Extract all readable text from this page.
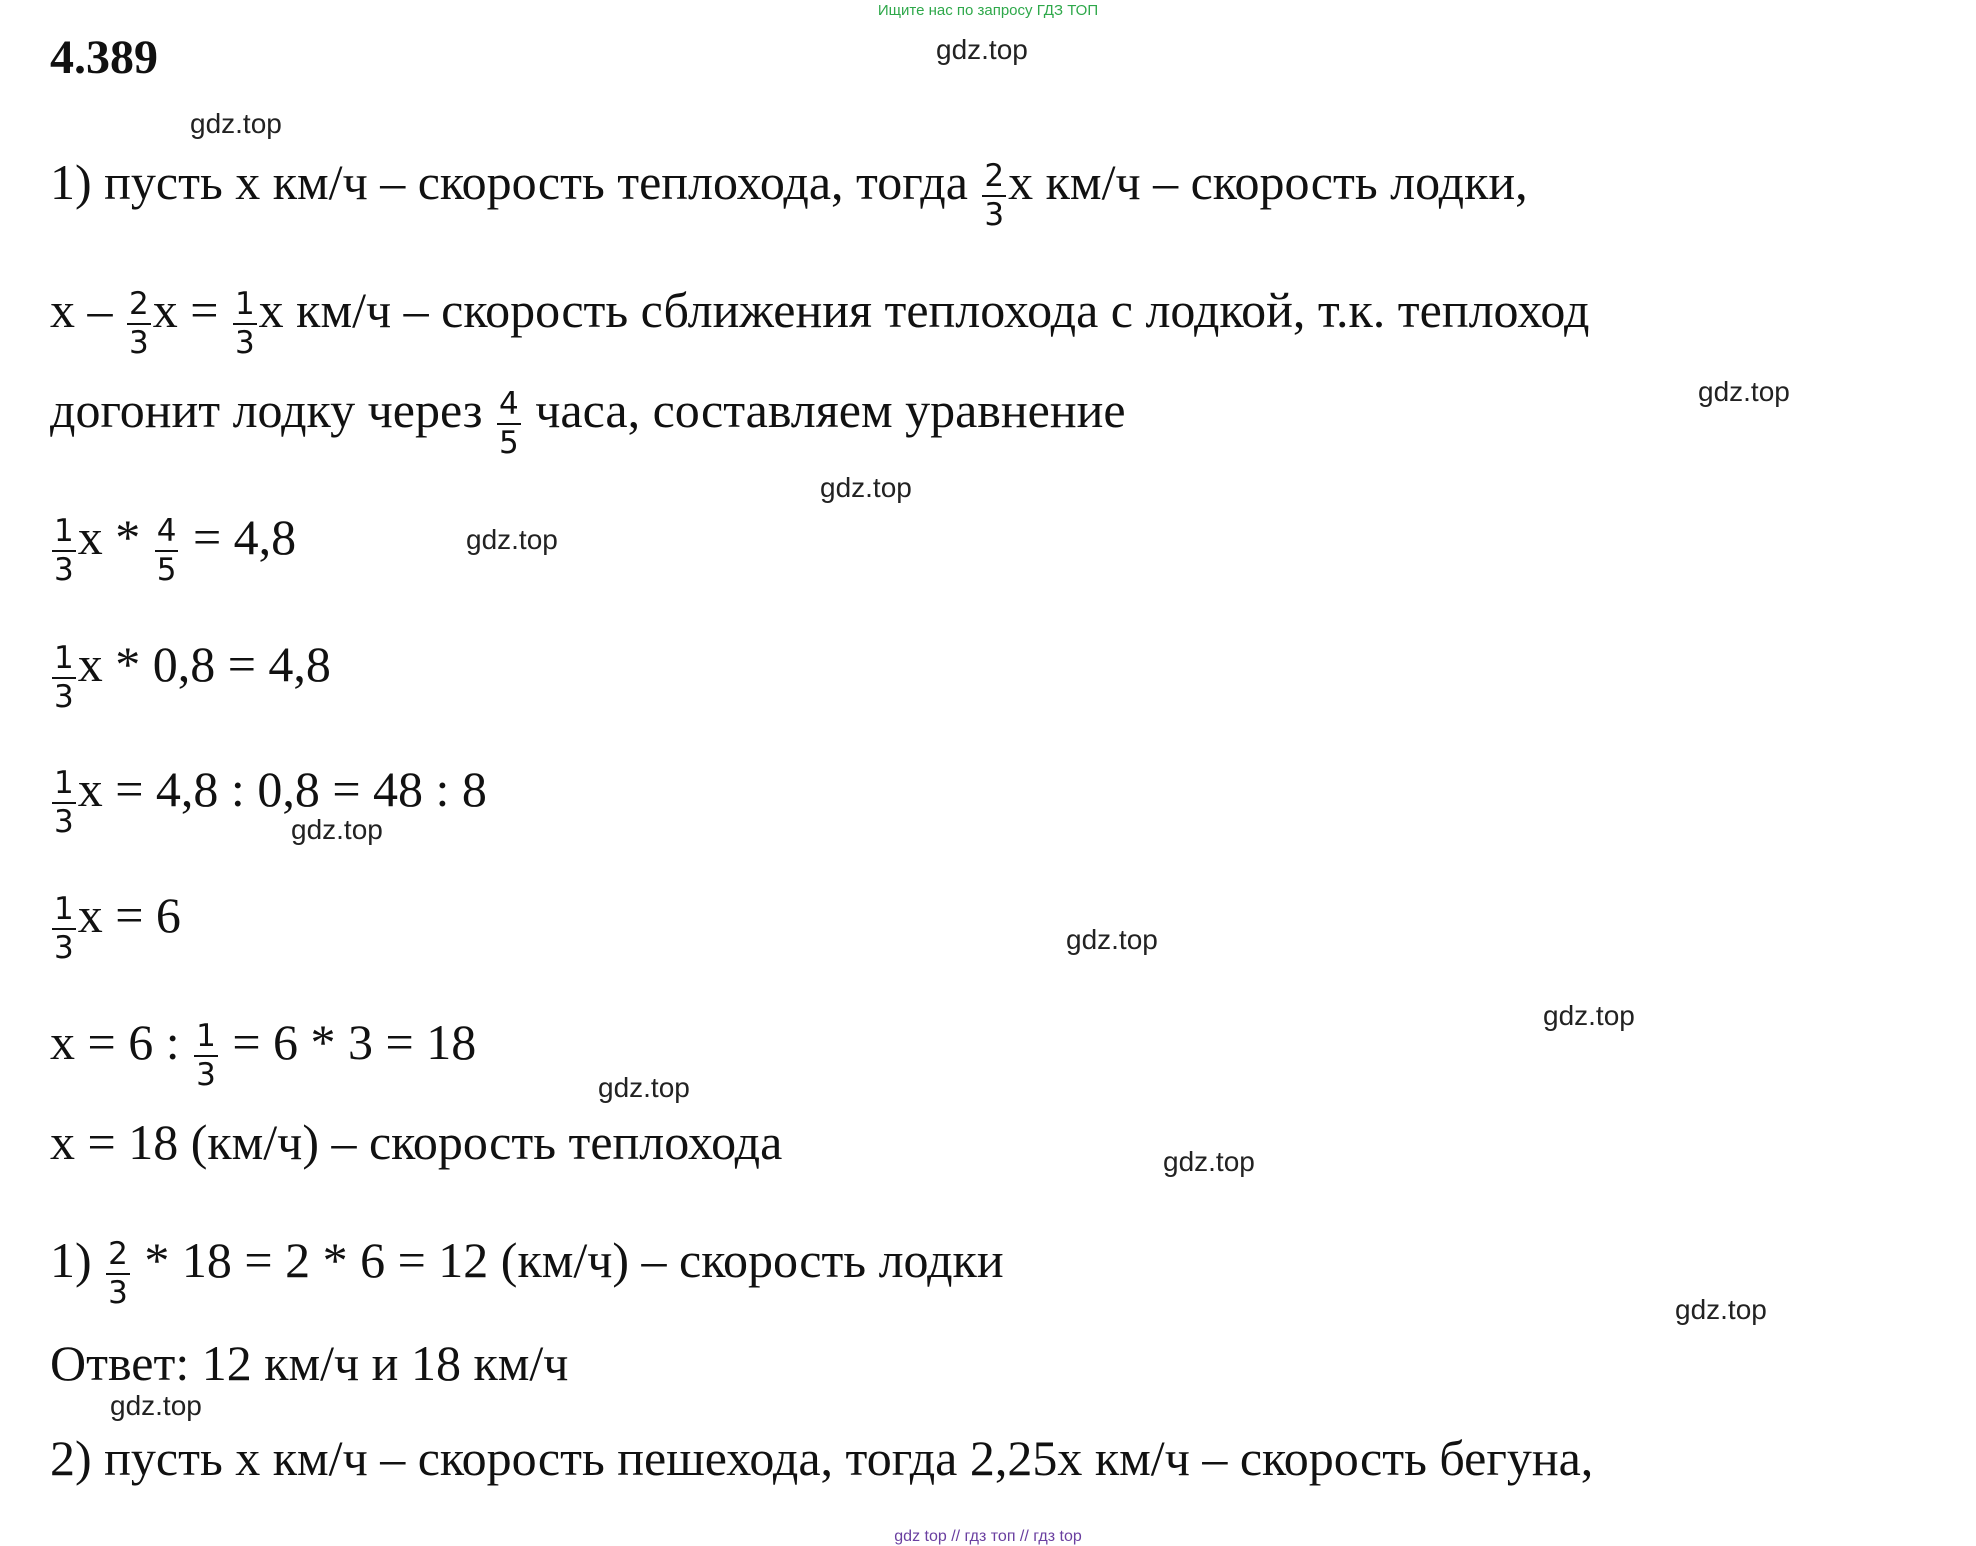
Ищите нас по запросу ГДЗ ТОП
4.389
1) пусть х км/ч – скорость теплохода, тогда $\frac{2}{3}$ х км/ч – скорость лодки,
х – $\frac{2}{3}$ $х = \frac{1}{3}$ х км/ч – скорость сближения теплохода с лодкой, т.к. теплоход
догонит лодку через $\frac{4}{5}$ часа, составляем уравнение
$\frac{1}{3}$ $х * \frac{4}{5} = 4,8$
$\frac{1}{3}$ х * 0,8 = 4,8
$\frac{1}{3}$ х = 4,8 : 0,8 = 48 : 8
$\frac{1}{3}$ х = 6
х = 6 : $\frac{1}{3} = 6 * 3 = 18$
х = 18 (км/ч) – скорость теплохода
$1) \frac{2}{3} * 18 = 2 * 6 = 12$ (км/ч) – скорость лодки
Ответ: 12 км/ч и 18 км/ч
2) пусть х км/ч – скорость пешехода, тогда 2,25х км/ч – скорость бегуна,
gdz.top
gdz.top
gdz.top
gdz.top
gdz.top
gdz.top
gdz.top
gdz.top
gdz.top
gdz.top
gdz.top
gdz.top
gdz top // гдз топ // гдз top
